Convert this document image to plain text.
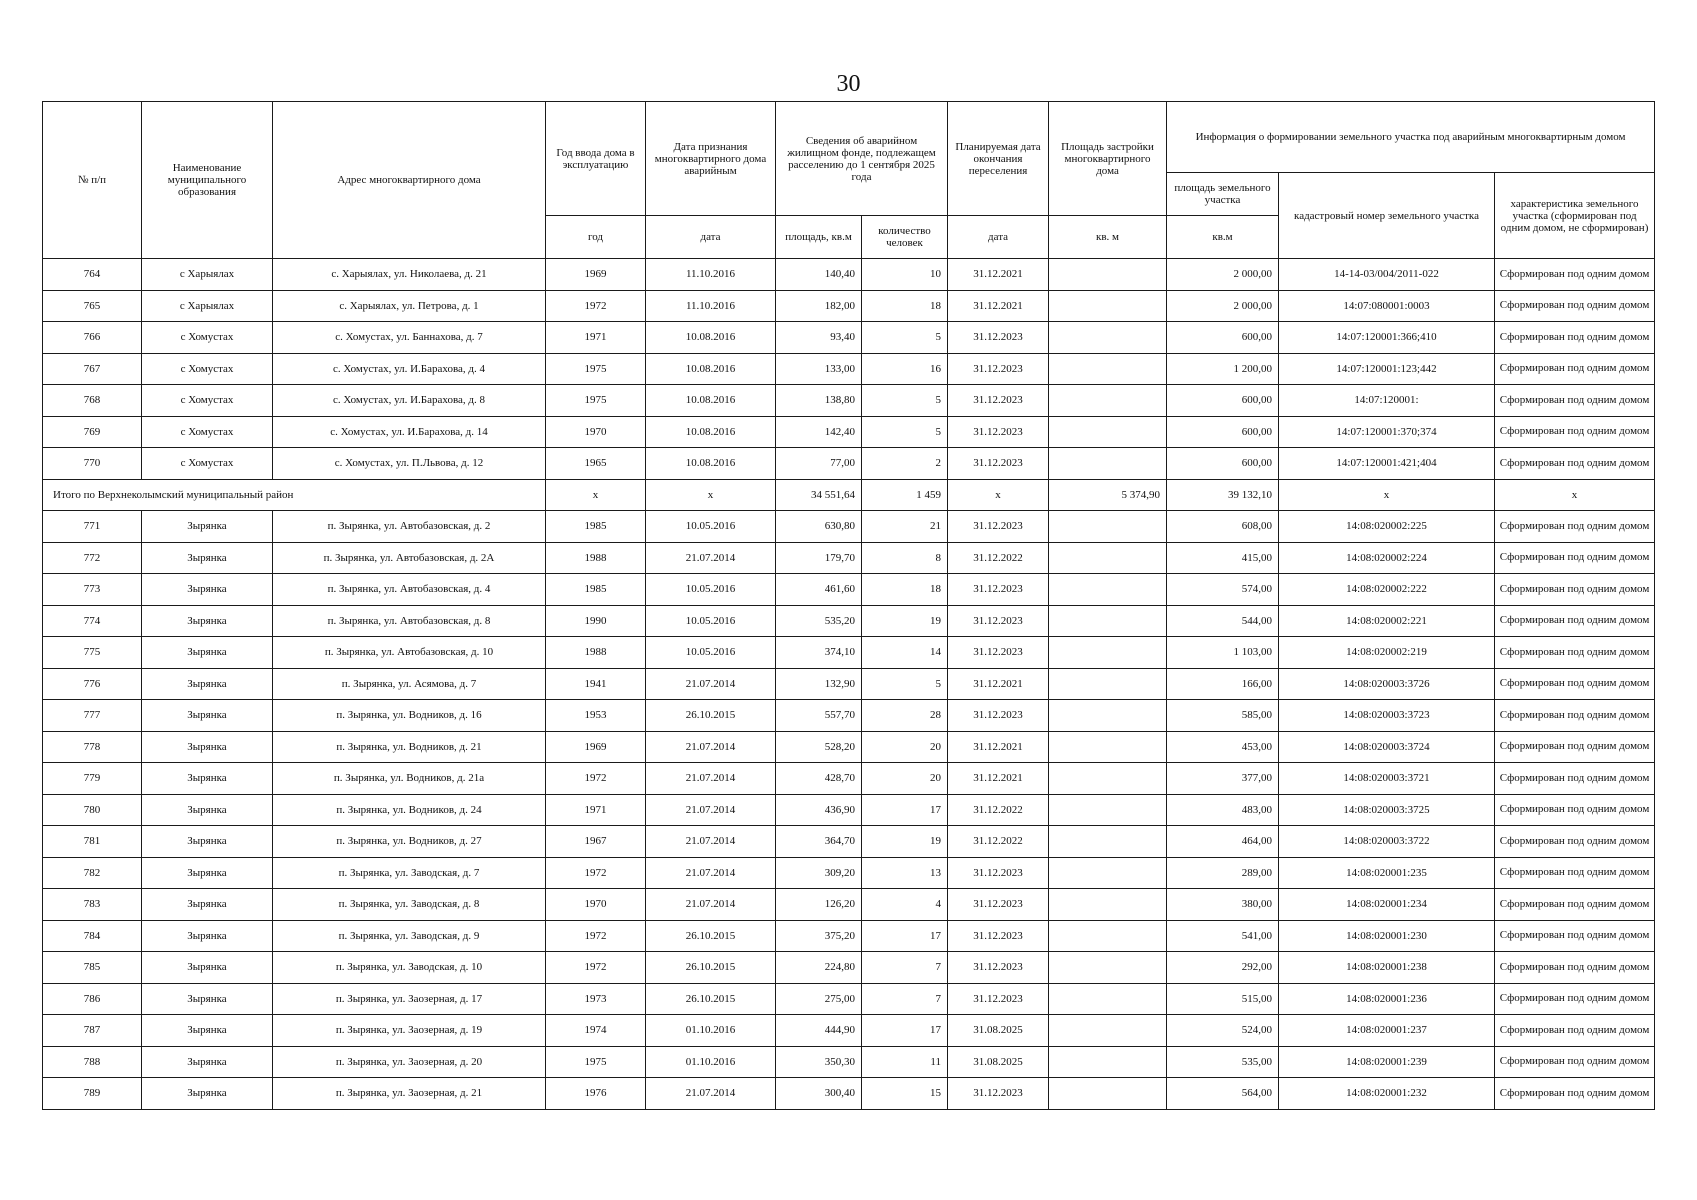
30
№ п/п	Наименование муниципального образования	Адрес многоквартирного дома	Год ввода дома в эксплуатацию	Дата признания многоквартирного дома аварийным	Сведения об аварийном жилищном фонде, подлежащем расселению до 1 сентября 2025 года		Планируемая дата окончания переселения	Площадь застройки многоквартирного дома	Информация о формировании земельного участка под аварийным многоквартирным домом		
									площадь земельного участка	кадастровый номер земельного участка	характеристика земельного участка (сформирован под одним домом, не сформирован)
			год	дата	площадь, кв.м	количество человек	дата	кв. м	кв.м		
764	с Харыялах	с. Харыялах, ул. Николаева, д. 21	1969	11.10.2016	140,40	10	31.12.2021		2 000,00	14-14-03/004/2011-022	Сформирован под одним домом
765	с Харыялах	с. Харыялах, ул. Петрова, д. 1	1972	11.10.2016	182,00	18	31.12.2021		2 000,00	14:07:080001:0003	Сформирован под одним домом
766	с Хомустах	с. Хомустах, ул. Баннахова, д. 7	1971	10.08.2016	93,40	5	31.12.2023		600,00	14:07:120001:366;410	Сформирован под одним домом
767	с Хомустах	с. Хомустах, ул. И.Барахова, д. 4	1975	10.08.2016	133,00	16	31.12.2023		1 200,00	14:07:120001:123;442	Сформирован под одним домом
768	с Хомустах	с. Хомустах, ул. И.Барахова, д. 8	1975	10.08.2016	138,80	5	31.12.2023		600,00	14:07:120001:	Сформирован под одним домом
769	с Хомустах	с. Хомустах, ул. И.Барахова, д. 14	1970	10.08.2016	142,40	5	31.12.2023		600,00	14:07:120001:370;374	Сформирован под одним домом
770	с Хомустах	с. Хомустах, ул. П.Львова, д. 12	1965	10.08.2016	77,00	2	31.12.2023		600,00	14:07:120001:421;404	Сформирован под одним домом
Итого по Верхнеколымский муниципальный район			х	х	34 551,64	1 459	х	5 374,90	39 132,10	х	х
771	Зырянка	п. Зырянка, ул. Автобазовская, д. 2	1985	10.05.2016	630,80	21	31.12.2023		608,00	14:08:020002:225	Сформирован под одним домом
772	Зырянка	п. Зырянка, ул. Автобазовская, д. 2А	1988	21.07.2014	179,70	8	31.12.2022		415,00	14:08:020002:224	Сформирован под одним домом
773	Зырянка	п. Зырянка, ул. Автобазовская, д. 4	1985	10.05.2016	461,60	18	31.12.2023		574,00	14:08:020002:222	Сформирован под одним домом
774	Зырянка	п. Зырянка, ул. Автобазовская, д. 8	1990	10.05.2016	535,20	19	31.12.2023		544,00	14:08:020002:221	Сформирован под одним домом
775	Зырянка	п. Зырянка, ул. Автобазовская, д. 10	1988	10.05.2016	374,10	14	31.12.2023		1 103,00	14:08:020002:219	Сформирован под одним домом
776	Зырянка	п. Зырянка, ул. Асямова, д. 7	1941	21.07.2014	132,90	5	31.12.2021		166,00	14:08:020003:3726	Сформирован под одним домом
777	Зырянка	п. Зырянка, ул. Водников, д. 16	1953	26.10.2015	557,70	28	31.12.2023		585,00	14:08:020003:3723	Сформирован под одним домом
778	Зырянка	п. Зырянка, ул. Водников, д. 21	1969	21.07.2014	528,20	20	31.12.2021		453,00	14:08:020003:3724	Сформирован под одним домом
779	Зырянка	п. Зырянка, ул. Водников, д. 21а	1972	21.07.2014	428,70	20	31.12.2021		377,00	14:08:020003:3721	Сформирован под одним домом
780	Зырянка	п. Зырянка, ул. Водников, д. 24	1971	21.07.2014	436,90	17	31.12.2022		483,00	14:08:020003:3725	Сформирован под одним домом
781	Зырянка	п. Зырянка, ул. Водников, д. 27	1967	21.07.2014	364,70	19	31.12.2022		464,00	14:08:020003:3722	Сформирован под одним домом
782	Зырянка	п. Зырянка, ул. Заводская, д. 7	1972	21.07.2014	309,20	13	31.12.2023		289,00	14:08:020001:235	Сформирован под одним домом
783	Зырянка	п. Зырянка, ул. Заводская, д. 8	1970	21.07.2014	126,20	4	31.12.2023		380,00	14:08:020001:234	Сформирован под одним домом
784	Зырянка	п. Зырянка, ул. Заводская, д. 9	1972	26.10.2015	375,20	17	31.12.2023		541,00	14:08:020001:230	Сформирован под одним домом
785	Зырянка	п. Зырянка, ул. Заводская, д. 10	1972	26.10.2015	224,80	7	31.12.2023		292,00	14:08:020001:238	Сформирован под одним домом
786	Зырянка	п. Зырянка, ул. Заозерная, д. 17	1973	26.10.2015	275,00	7	31.12.2023		515,00	14:08:020001:236	Сформирован под одним домом
787	Зырянка	п. Зырянка, ул. Заозерная, д. 19	1974	01.10.2016	444,90	17	31.08.2025		524,00	14:08:020001:237	Сформирован под одним домом
788	Зырянка	п. Зырянка, ул. Заозерная, д. 20	1975	01.10.2016	350,30	11	31.08.2025		535,00	14:08:020001:239	Сформирован под одним домом
789	Зырянка	п. Зырянка, ул. Заозерная, д. 21	1976	21.07.2014	300,40	15	31.12.2023		564,00	14:08:020001:232	Сформирован под одним домом
